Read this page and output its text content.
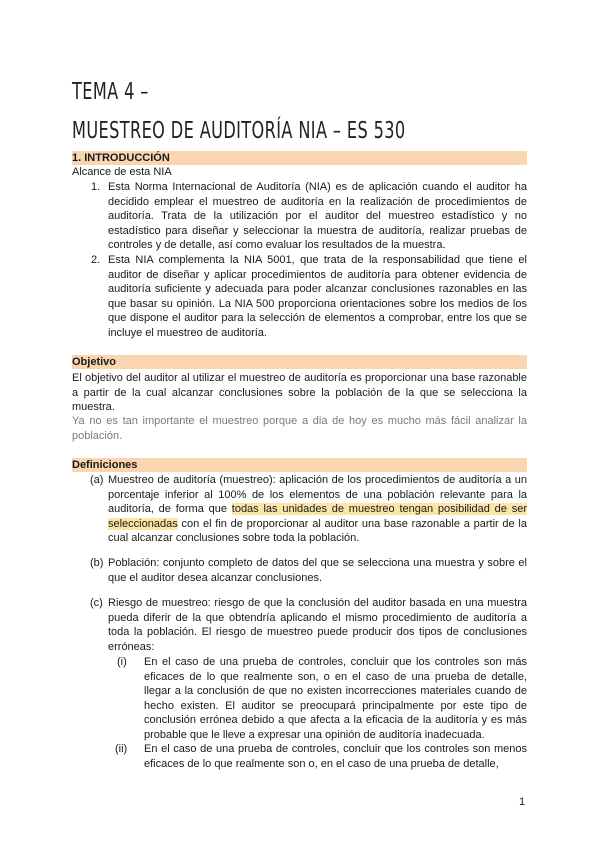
TEMA 4 –
MUESTREO DE AUDITORÍA NIA – ES 530
1. INTRODUCCIÓN
Alcance de esta NIA
1. Esta Norma Internacional de Auditoría (NIA) es de aplicación cuando el auditor ha decidido emplear el muestreo de auditoría en la realización de procedimientos de auditoría. Trata de la utilización por el auditor del muestreo estadístico y no estadístico para diseñar y seleccionar la muestra de auditoría, realizar pruebas de controles y de detalle, así como evaluar los resultados de la muestra.
2. Esta NIA complementa la NIA 5001, que trata de la responsabilidad que tiene el auditor de diseñar y aplicar procedimientos de auditoría para obtener evidencia de auditoría suficiente y adecuada para poder alcanzar conclusiones razonables en las que basar su opinión. La NIA 500 proporciona orientaciones sobre los medios de los que dispone el auditor para la selección de elementos a comprobar, entre los que se incluye el muestreo de auditoría.
Objetivo
El objetivo del auditor al utilizar el muestreo de auditoría es proporcionar una base razonable a partir de la cual alcanzar conclusiones sobre la población de la que se selecciona la muestra.
Ya no es tan importante el muestreo porque a dia de hoy es mucho más fácil analizar la población.
Definiciones
(a) Muestreo de auditoría (muestreo): aplicación de los procedimientos de auditoría a un porcentaje inferior al 100% de los elementos de una población relevante para la auditoría, de forma que todas las unidades de muestreo tengan posibilidad de ser seleccionadas con el fin de proporcionar al auditor una base razonable a partir de la cual alcanzar conclusiones sobre toda la población.
(b) Población: conjunto completo de datos del que se selecciona una muestra y sobre el que el auditor desea alcanzar conclusiones.
(c) Riesgo de muestreo: riesgo de que la conclusión del auditor basada en una muestra pueda diferir de la que obtendría aplicando el mismo procedimiento de auditoría a toda la población. El riesgo de muestreo puede producir dos tipos de conclusiones erróneas:
(i) En el caso de una prueba de controles, concluir que los controles son más eficaces de lo que realmente son, o en el caso de una prueba de detalle, llegar a la conclusión de que no existen incorrecciones materiales cuando de hecho existen. El auditor se preocupará principalmente por este tipo de conclusión errónea debido a que afecta a la eficacia de la auditoría y es más probable que le lleve a expresar una opinión de auditoría inadecuada.
(ii) En el caso de una prueba de controles, concluir que los controles son menos eficaces de lo que realmente son o, en el caso de una prueba de detalle,
1
